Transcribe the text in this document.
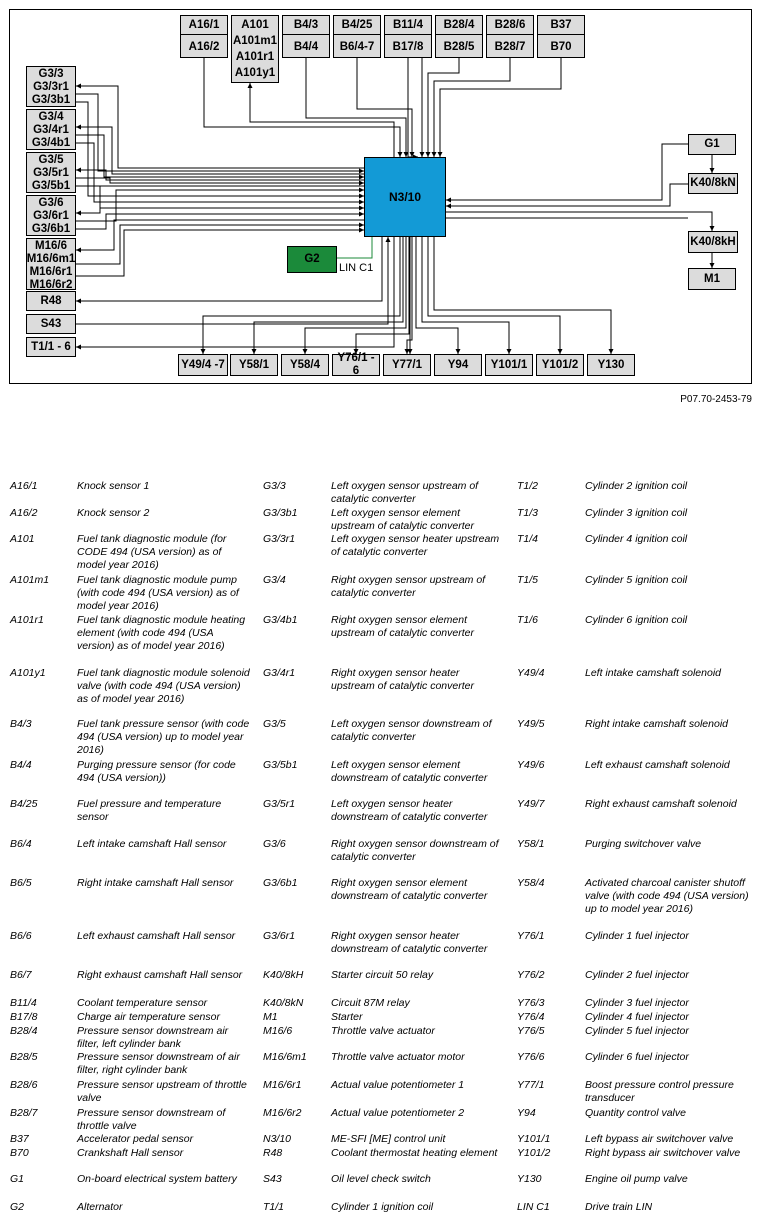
N3/10
A16/1
A16/2
A101
A101m1
A101r1
A101y1
B4/3
B4/4
B4/25
B6/4-7
B11/4
B17/8
B28/4
B28/5
B28/6
B28/7
B37
B70
G3/3
G3/3r1
G3/3b1
G3/4
G3/4r1
G3/4b1
G3/5
G3/5r1
G3/5b1
G3/6
G3/6r1
G3/6b1
M16/6
M16/6m1
M16/6r1
M16/6r2
R48
S43
T1/1 - 6
Y49/4 -7 Y58/1 Y58/4
Y76/1 - 6
Y77/1 Y94 Y101/1 Y101/2 Y130
G1
K40/8kN
K40/8kH
M1
G2
LIN C1
P07.70-2453-79
A16/1	Knock sensor 1
A16/2	Knock sensor 2
A101	Fuel tank diagnostic module (for CODE 494 (USA version) as of model year 2016)
A101m1	Fuel tank diagnostic module pump (with code 494 (USA version) as of model year 2016)
A101r1	Fuel tank diagnostic module heating element (with code 494 (USA version) as of model year 2016)
A101y1	Fuel tank diagnostic module solenoid valve (with code 494 (USA version) as of model year 2016)
B4/3	Fuel tank pressure sensor (with code 494 (USA version) up to model year 2016)
B4/4	Purging pressure sensor (for code 494 (USA version))
B4/25	Fuel pressure and temperature sensor
B6/4	Left intake camshaft Hall sensor
B6/5	Right intake camshaft Hall sensor
B6/6	Left exhaust camshaft Hall sensor
B6/7	Right exhaust camshaft Hall sensor
B11/4	Coolant temperature sensor
B17/8	Charge air temperature sensor
B28/4	Pressure sensor downstream air filter, left cylinder bank
B28/5	Pressure sensor downstream of air filter, right cylinder bank
B28/6	Pressure sensor upstream of throttle valve
B28/7	Pressure sensor downstream of throttle valve
B37	Accelerator pedal sensor
B70	Crankshaft Hall sensor
G1	On-board electrical system battery
G2	Alternator
G3/3	Left oxygen sensor upstream of catalytic converter
G3/3b1	Left oxygen sensor element upstream of catalytic converter
G3/3r1	Left oxygen sensor heater upstream of catalytic converter
G3/4	Right oxygen sensor upstream of catalytic converter
G3/4b1	Right oxygen sensor element upstream of catalytic converter
G3/4r1	Right oxygen sensor heater upstream of catalytic converter
G3/5	Left oxygen sensor downstream of catalytic converter
G3/5b1	Left oxygen sensor element downstream of catalytic converter
G3/5r1	Left oxygen sensor heater downstream of catalytic converter
G3/6	Right oxygen sensor downstream of catalytic converter
G3/6b1	Right oxygen sensor element downstream of catalytic converter
G3/6r1	Right oxygen sensor heater downstream of catalytic converter
K40/8kH	Starter circuit 50 relay
K40/8kN	Circuit 87M relay
M1	Starter
M16/6	Throttle valve actuator
M16/6m1 Throttle valve actuator motor
M16/6r1	Actual value potentiometer 1
M16/6r2	Actual value potentiometer 2
N3/10	ME-SFI [ME] control unit
R48	Coolant thermostat heating element
S43	Oil level check switch
T1/1	Cylinder 1 ignition coil
T1/2	Cylinder 2 ignition coil
T1/3	Cylinder 3 ignition coil
T1/4	Cylinder 4 ignition coil
T1/5	Cylinder 5 ignition coil
T1/6	Cylinder 6 ignition coil
Y49/4	Left intake camshaft solenoid
Y49/5	Right intake camshaft solenoid
Y49/6	Left exhaust camshaft solenoid
Y49/7	Right exhaust camshaft solenoid
Y58/1	Purging switchover valve
Y58/4	Activated charcoal canister shutoff valve (with code 494 (USA version) up to model year 2016)
Y76/1	Cylinder 1 fuel injector
Y76/2	Cylinder 2 fuel injector
Y76/3	Cylinder 3 fuel injector
Y76/4	Cylinder 4 fuel injector
Y76/5	Cylinder 5 fuel injector
Y76/6	Cylinder 6 fuel injector
Y77/1	Boost pressure control pressure transducer
Y94	Quantity control valve
Y101/1	Left bypass air switchover valve
Y101/2	Right bypass air switchover valve
Y130	Engine oil pump valve
LIN C1	Drive train LIN
